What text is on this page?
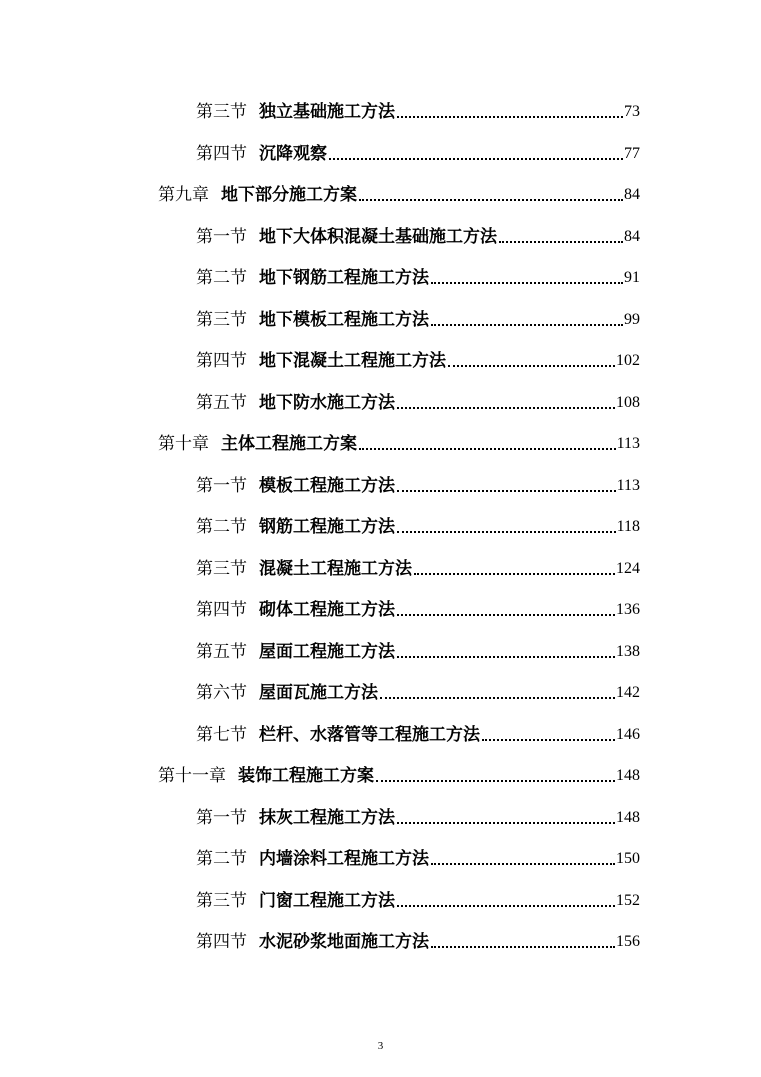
第三节 独立基础施工方法	73
第四节 沉降观察	77
第九章 地下部分施工方案	84
第一节 地下大体积混凝土基础施工方法	84
第二节 地下钢筋工程施工方法	91
第三节 地下模板工程施工方法	99
第四节 地下混凝土工程施工方法	102
第五节 地下防水施工方法	108
第十章 主体工程施工方案	113
第一节 模板工程施工方法	113
第二节 钢筋工程施工方法	118
第三节 混凝土工程施工方法	124
第四节 砌体工程施工方法	136
第五节 屋面工程施工方法	138
第六节 屋面瓦施工方法	142
第七节 栏杆、水落管等工程施工方法	146
第十一章 装饰工程施工方案	148
第一节 抹灰工程施工方法	148
第二节 内墙涂料工程施工方法	150
第三节 门窗工程施工方法	152
第四节 水泥砂浆地面施工方法	156
3
